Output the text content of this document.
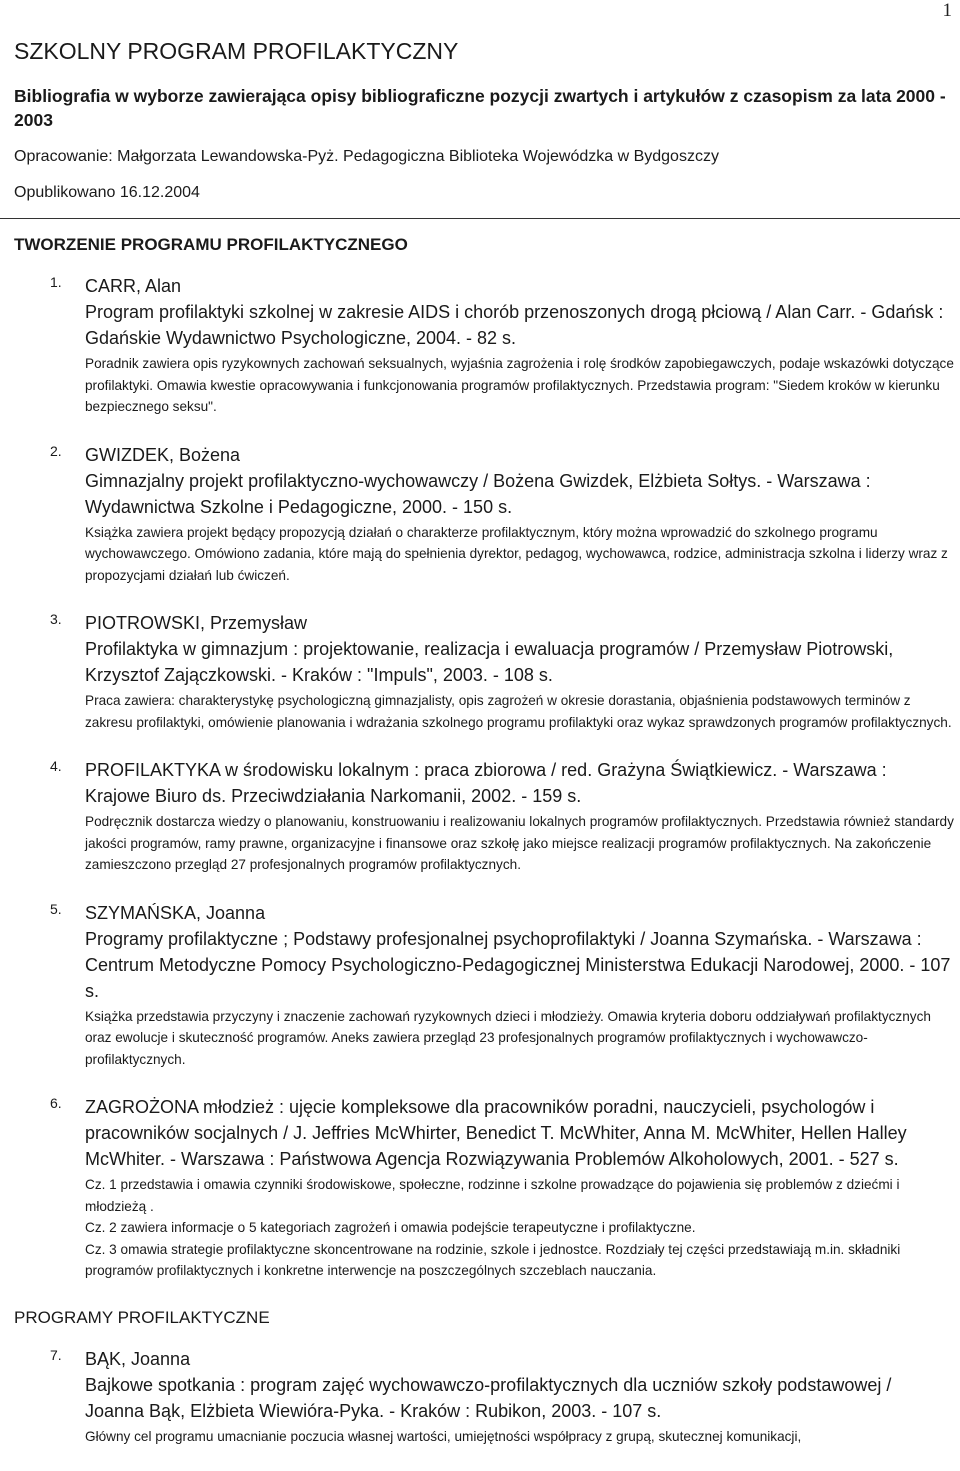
1
SZKOLNY PROGRAM PROFILAKTYCZNY
Bibliografia w wyborze zawierająca opisy bibliograficzne pozycji zwartych i artykułów z czasopism za lata 2000 - 2003
Opracowanie: Małgorzata Lewandowska-Pyż. Pedagogiczna Biblioteka Wojewódzka w Bydgoszczy
Opublikowano 16.12.2004
TWORZENIE PROGRAMU PROFILAKTYCZNEGO
1. CARR, Alan
Program profilaktyki szkolnej w zakresie AIDS i chorób przenoszonych drogą płciową / Alan Carr. - Gdańsk : Gdańskie Wydawnictwo Psychologiczne, 2004. - 82 s.

Poradnik zawiera opis ryzykownych zachowań seksualnych, wyjaśnia zagrożenia i rolę środków zapobiegawczych, podaje wskazówki dotyczące profilaktyki. Omawia kwestie opracowywania i funkcjonowania programów profilaktycznych. Przedstawia program: "Siedem kroków w kierunku bezpiecznego seksu".

2. GWIZDEK, Bożena
Gimnazjalny projekt profilaktyczno-wychowawczy / Bożena Gwizdek, Elżbieta Sołtys. - Warszawa : Wydawnictwa Szkolne i Pedagogiczne, 2000. - 150 s.

Książka zawiera projekt będący propozycją działań o charakterze profilaktycznym, który można wprowadzić do szkolnego programu wychowawczego. Omówiono zadania, które mają do spełnienia dyrektor, pedagog, wychowawca, rodzice, administracja szkolna i liderzy wraz z propozycjami działań lub ćwiczeń.

3. PIOTROWSKI, Przemysław
Profilaktyka w gimnazjum : projektowanie, realizacja i ewaluacja programów / Przemysław Piotrowski, Krzysztof Zajączkowski. - Kraków : "Impuls", 2003. - 108 s.

Praca zawiera: charakterystykę psychologiczną gimnazjalisty, opis zagrożeń w okresie dorastania, objaśnienia podstawowych terminów z zakresu profilaktyki, omówienie planowania i wdrażania szkolnego programu profilaktyki oraz wykaz sprawdzonych programów profilaktycznych.

4. PROFILAKTYKA w środowisku lokalnym : praca zbiorowa / red. Grażyna Świątkiewicz. - Warszawa : Krajowe Biuro ds. Przeciwdziałania Narkomanii, 2002. - 159 s.

Podręcznik dostarcza wiedzy o planowaniu, konstruowaniu i realizowaniu lokalnych programów profilaktycznych. Przedstawia również standardy jakości programów, ramy prawne, organizacyjne i finansowe oraz szkołę jako miejsce realizacji programów profilaktycznych. Na zakończenie zamieszczono przegląd 27 profesjonalnych programów profilaktycznych.

5. SZYMAŃSKA, Joanna
Programy profilaktyczne ; Podstawy profesjonalnej psychoprofilaktyki / Joanna Szymańska. - Warszawa : Centrum Metodyczne Pomocy Psychologiczno-Pedagogicznej Ministerstwa Edukacji Narodowej, 2000. - 107 s.

Książka przedstawia przyczyny i znaczenie zachowań ryzykownych dzieci i młodzieży. Omawia kryteria doboru oddziaływań profilaktycznych oraz ewolucje i skuteczność programów. Aneks zawiera przegląd 23 profesjonalnych programów profilaktycznych i wychowawczo-profilaktycznych.

6. ZAGROŻONA młodzież : ujęcie kompleksowe dla pracowników poradni, nauczycieli, psychologów i pracowników socjalnych / J. Jeffries McWhirter, Benedict T. McWhiter, Anna M. McWhiter, Hellen Halley McWhiter. - Warszawa : Państwowa Agencja Rozwiązywania Problemów Alkoholowych, 2001. - 527 s.

Cz. 1 przedstawia i omawia czynniki środowiskowe, społeczne, rodzinne i szkolne prowadzące do pojawienia się problemów z dziećmi i młodzieżą .

Cz. 2 zawiera informacje o 5 kategoriach zagrożeń i omawia podejście terapeutyczne i profilaktyczne.

Cz. 3 omawia strategie profilaktyczne skoncentrowane na rodzinie, szkole i jednostce. Rozdziały tej części przedstawiają m.in. składniki programów profilaktycznych i konkretne interwencje na poszczególnych szczeblach nauczania.

PROGRAMY PROFILAKTYCZNE
7. BĄK, Joanna
Bajkowe spotkania : program zajęć wychowawczo-profilaktycznych dla uczniów szkoły podstawowej / Joanna Bąk, Elżbieta Wiewióra-Pyka. - Kraków : Rubikon, 2003. - 107 s.

Główny cel programu umacnianie poczucia własnej wartości, umiejętności współpracy z grupą, skutecznej komunikacji,
